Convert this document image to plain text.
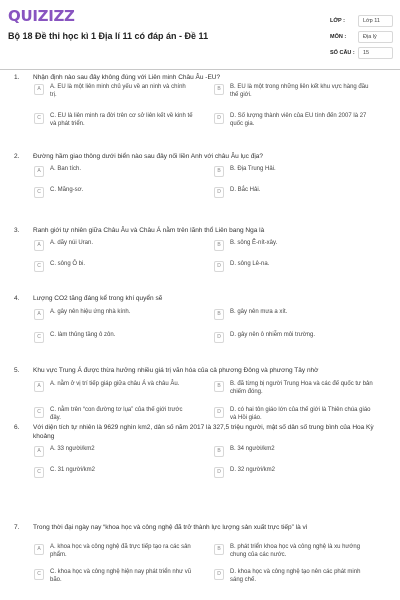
QUIZIZZ
Bộ 18 Đề thi học kì 1 Địa lí 11 có đáp án - Đề 11
LỚP :	Lớp 11
MÔN :	Địa lý
SỐ CÂU :	15
1. Nhận định nào sau đây không đúng với Liên minh Châu Âu -EU?
A	A. EU là một liên minh chủ yếu về an ninh và chính trị.
B	B. EU là một trong những liên kết khu vực hàng đầu thế giới.
C	C. EU là liên minh ra đời trên cơ sở liên kết về kinh tế và phát triển.
D	D. Số lượng thành viên của EU tính đến 2007 là 27 quốc gia.
2. Đường hầm giao thông dưới biển nào sau đây nối liền Anh với châu Âu lục địa?
A	A. Ban tích.	B	B. Địa Trung Hải.
C	C. Măng-sơ.	D	D. Bắc Hải.
3. Ranh giới tự nhiên giữa Châu Âu và Châu Á nằm trên lãnh thổ Liên bang Nga là
A	A. dãy núi Uran.	B	B. sông Ê-nít-xây.
C	C. sông Ô bi.	D	D. sông Lê-na.
4. Lượng CO2 tăng đáng kể trong khí quyển sẽ
A	A. gây nên hiệu ứng nhà kính.	B	B. gây nên mưa a xít.
C	C. làm thủng tầng ô zôn.	D	D. gây nên ô nhiễm môi trường.
5. Khu vực Trung Á được thừa hưởng nhiều giá trị văn hóa của cả phương Đông và phương Tây nhờ
A	A. nằm ở vị trí tiếp giáp giữa châu Á và châu Âu.	B	B. đã từng bị người Trung Hoa và các đế quốc tư bản chiếm đóng.
C	C. nằm trên “con đường tơ lụa” của thế giới trước đây.
D	D. có hai tôn giáo lớn của thế giới là Thiên chúa giáo và Hồi giáo.
6. Với diện tích tự nhiên là 9629 nghìn km2, dân số năm 2017 là 327,5 triệu người, mật số dân số trung bình của Hoa Kỳ khoảng
A	A. 33 người/km2	B	B. 34 người/km2
C	C. 31 người/km2	D	D. 32 người/km2
7. Trong thời đại ngày nay “khoa học và công nghệ đã trở thành lực lượng sản xuất trực tiếp” là vì
A	A. khoa học và công nghệ đã trực tiếp tạo ra các sản phẩm.
B	B. phát triển khoa học và công nghệ là xu hướng chung của các nước.
C	C. khoa học và công nghệ hiện nay phát triển như vũ bão.
D	D. khoa học và công nghệ tạo nên các phát minh sáng chế.
